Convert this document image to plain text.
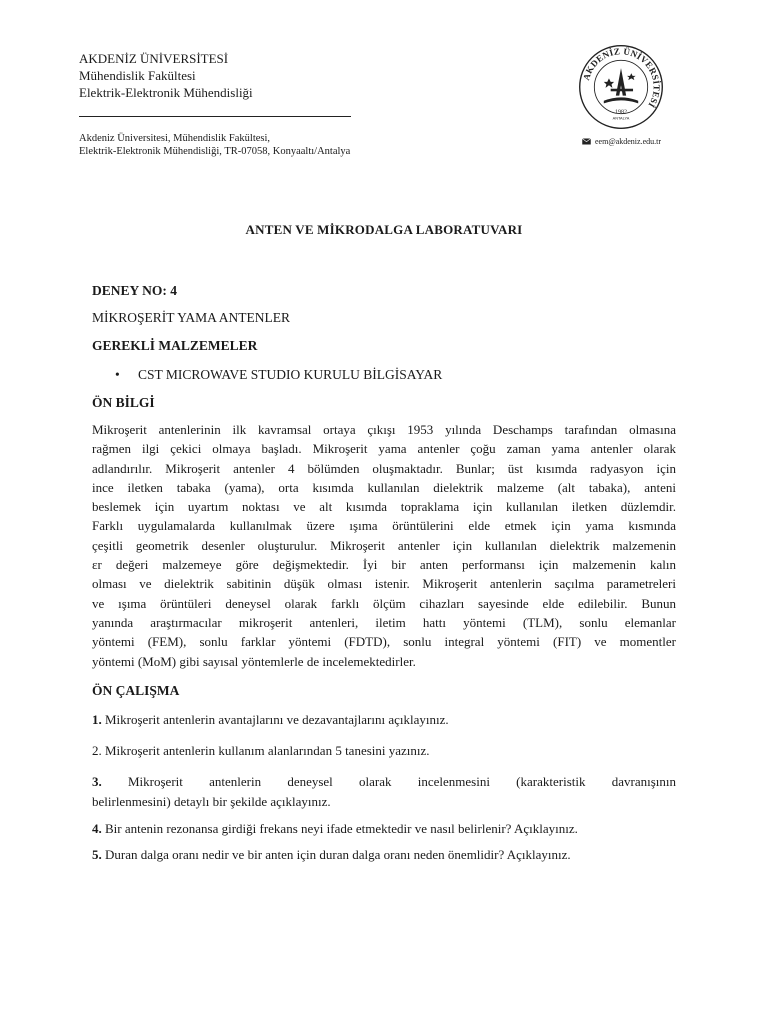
AKDENİZ ÜNİVERSİTESİ
Mühendislik Fakültesi
Elektrik-Elektronik Mühendisliği
Akdeniz Üniversitesi, Mühendislik Fakültesi,
Elektrik-Elektronik Mühendisliği, TR-07058, Konyaaltı/Antalya
AKDENİZ ÜNİVERSİTESİ
1982
ANTALYA
eem@akdeniz.edu.tr
ANTEN VE MİKRODALGA LABORATUVARI
DENEY NO: 4
MİKROŞERİT YAMA ANTENLER
GEREKLİ MALZEMELER
•	CST MICROWAVE STUDIO KURULU BİLGİSAYAR
ÖN BİLGİ
Mikroşerit antenlerinin ilk kavramsal ortaya çıkışı 1953 yılında Deschamps tarafından olmasına
rağmen ilgi çekici olmaya başladı. Mikroşerit yama antenler çoğu zaman yama antenler olarak
adlandırılır. Mikroşerit antenler 4 bölümden oluşmaktadır. Bunlar; üst kısımda radyasyon için
ince iletken tabaka (yama), orta kısımda kullanılan dielektrik malzeme (alt tabaka), anteni
beslemek için uyartım noktası ve alt kısımda topraklama için kullanılan iletken düzlemdir.
Farklı uygulamalarda kullanılmak üzere ışıma örüntülerini elde etmek için yama kısmında
çeşitli geometrik desenler oluşturulur. Mikroşerit antenler için kullanılan dielektrik malzemenin
εr değeri malzemeye göre değişmektedir. İyi bir anten performansı için malzemenin kalın
olması ve dielektrik sabitinin düşük olması istenir. Mikroşerit antenlerin saçılma parametreleri
ve ışıma örüntüleri deneysel olarak farklı ölçüm cihazları sayesinde elde edilebilir. Bunun
yanında araştırmacılar mikroşerit antenleri, iletim hattı yöntemi (TLM), sonlu elemanlar
yöntemi (FEM), sonlu farklar yöntemi (FDTD), sonlu integral yöntemi (FIT) ve momentler
yöntemi (MoM) gibi sayısal yöntemlerle de incelemektedirler.
ÖN ÇALIŞMA
1. Mikroşerit antenlerin avantajlarını ve dezavantajlarını açıklayınız.
2. Mikroşerit antenlerin kullanım alanlarından 5 tanesini yazınız.
3. Mikroşerit antenlerin deneysel olarak incelenmesini (karakteristik davranışının
belirlenmesini) detaylı bir şekilde açıklayınız.
4. Bir antenin rezonansa girdiği frekans neyi ifade etmektedir ve nasıl belirlenir? Açıklayınız.
5. Duran dalga oranı nedir ve bir anten için duran dalga oranı neden önemlidir? Açıklayınız.
